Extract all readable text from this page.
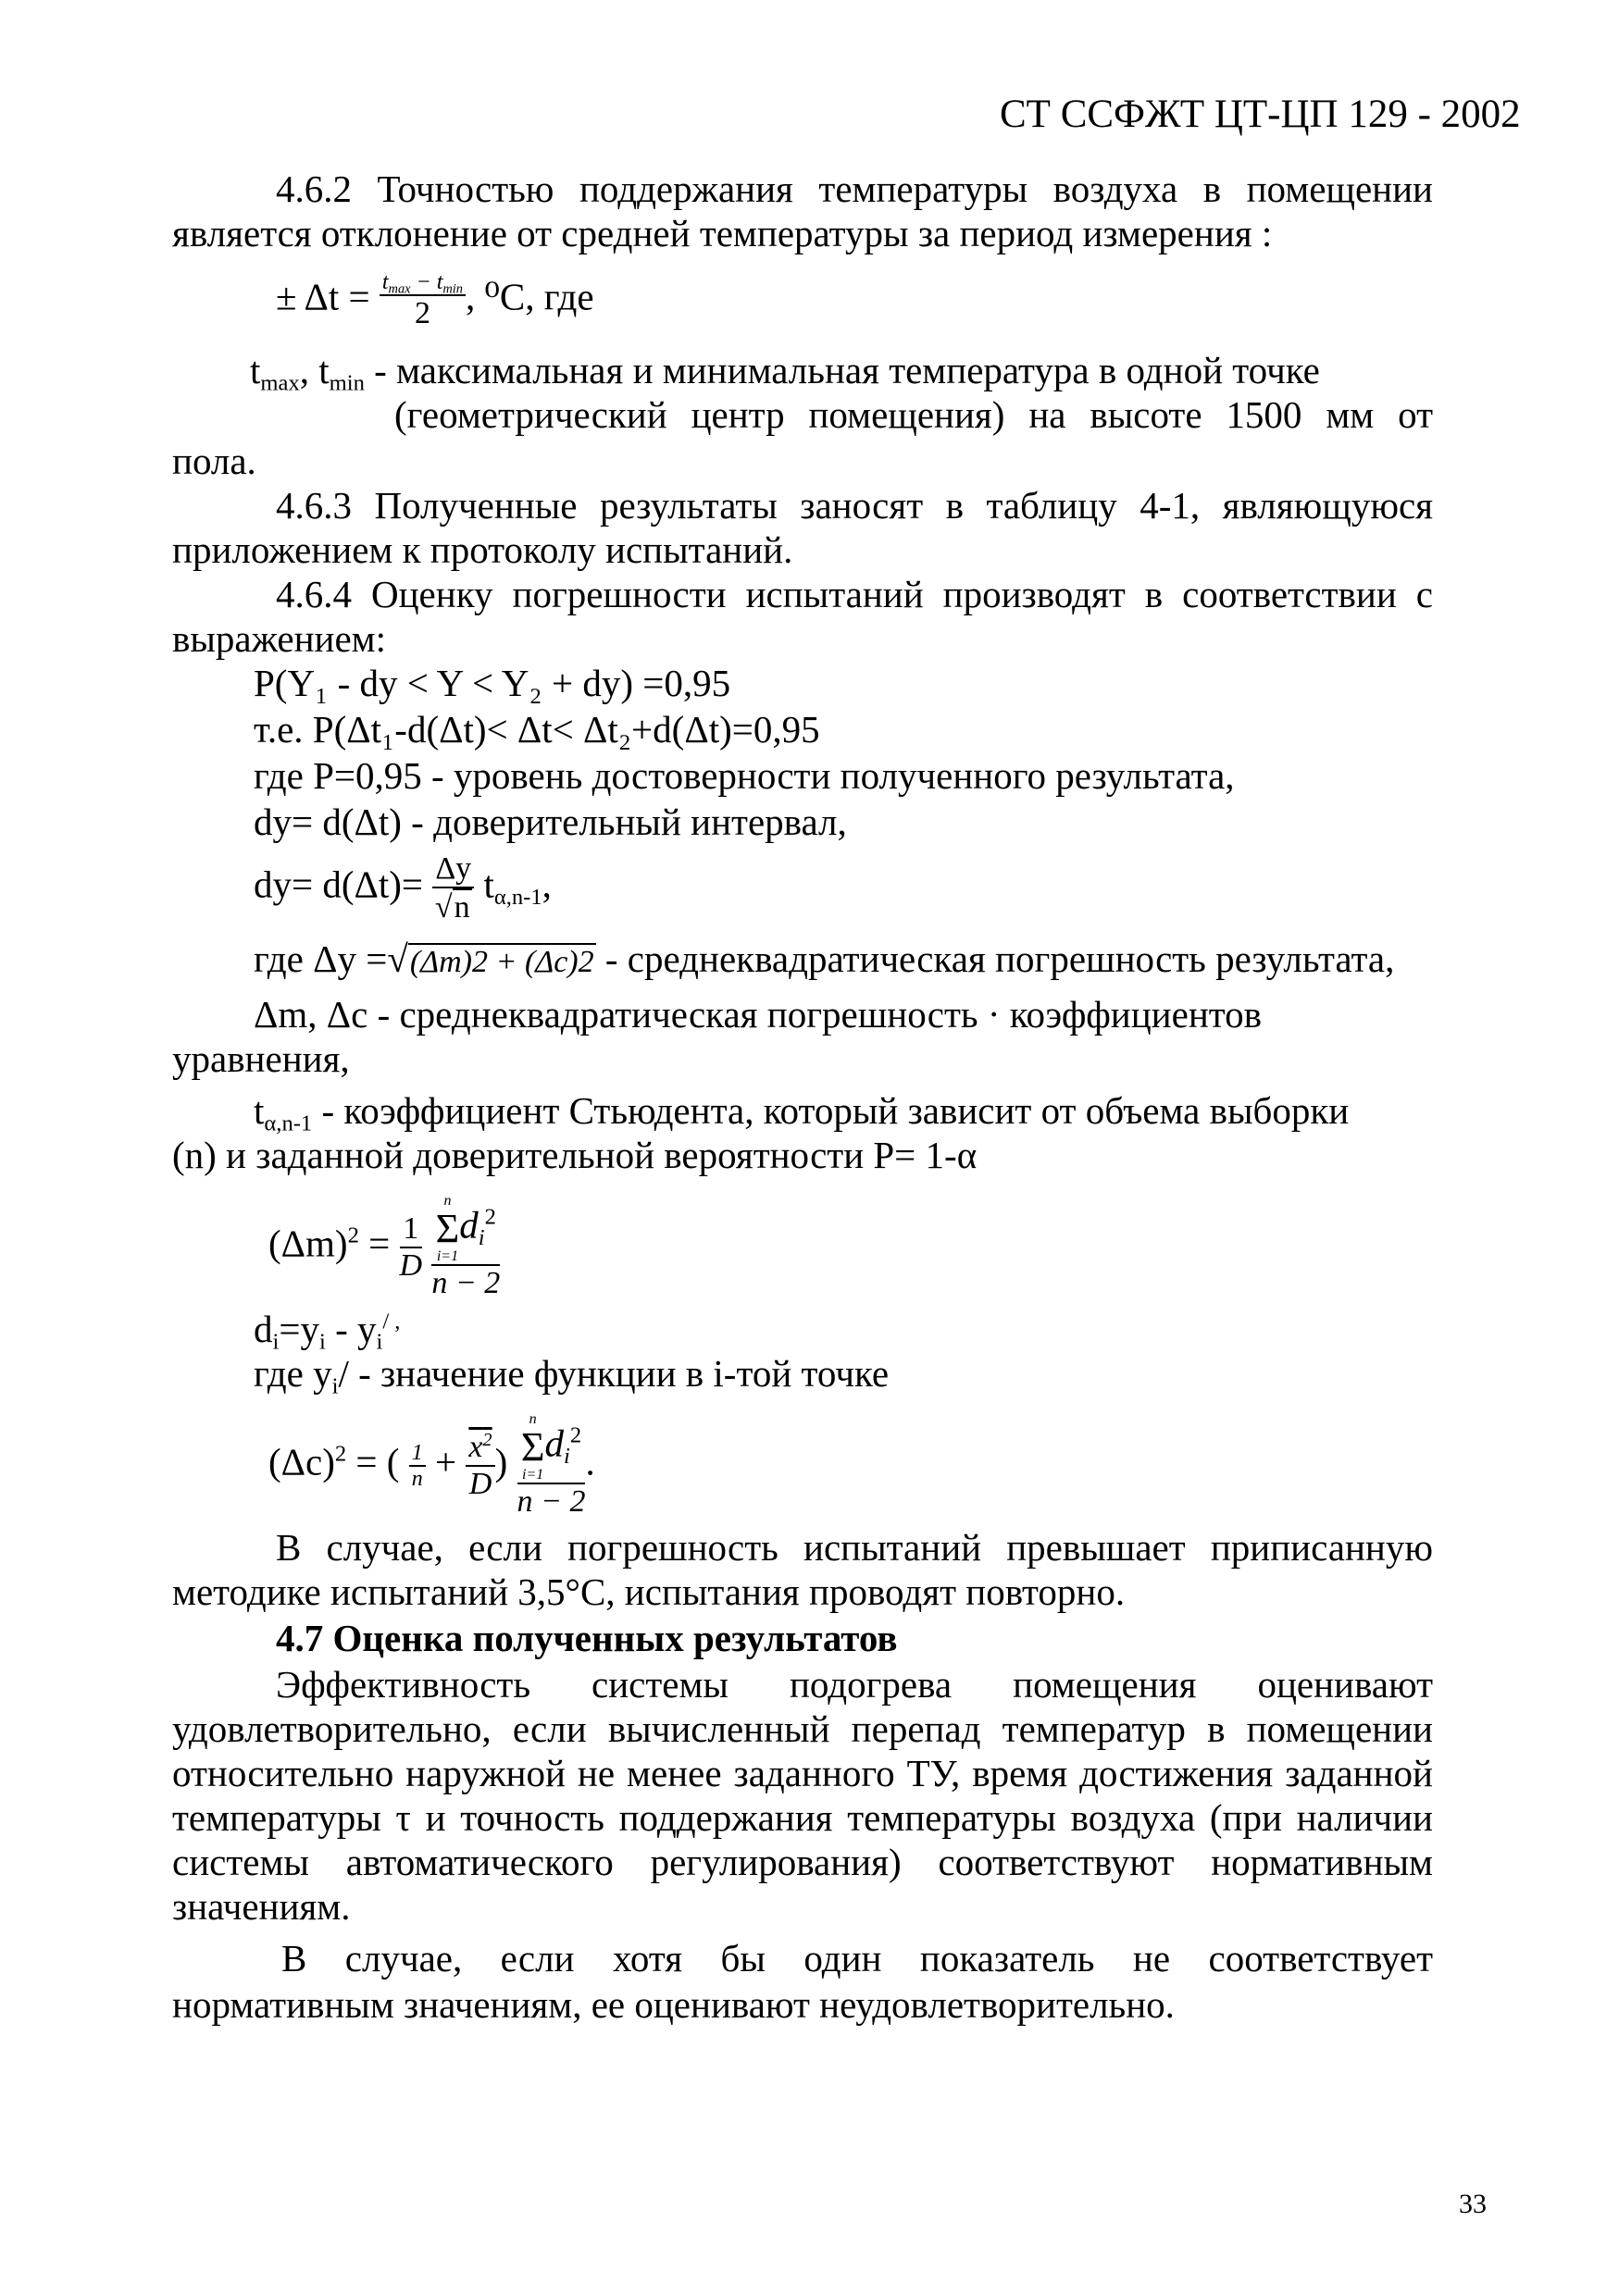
СТ ССФЖТ ЦТ-ЦП 129 - 2002
4.6.2 Точностью поддержания температуры воздуха в помещении
является отклонение от средней температуры за период измерения :
± $\Delta t = \frac{t_{max} - t_{min}}{2}$ , ⁰C, где
$t_{max}$, $t_{min}$ - максимальная и минимальная температура в одной точке
(геометрический центр помещения) на высоте 1500 мм от
пола.
4.6.3 Полученные результаты заносят в таблицу 4-1, являющуюся
приложением к протоколу испытаний.
4.6.4 Оценку погрешности испытаний производят в соответствии с
выражением:
P(Y₁ - dy < Y < Y₂ + dy) =0,95
т.е. P(Δt₁-d(Δt)< Δt< Δt₂+d(Δt)=0,95
где P=0,95 - уровень достоверности полученного результата,
dy= d(Δt) - доверительный интервал,
$dy= d(\Delta t)= \frac{\Delta y}{√n} t_{\alpha,n-1}$,
где Δy =√(Δm)2 + (Δc)2 - среднеквадратическая погрешность результата,
Δm, Δc - среднеквадратическая погрешность · коэффициентов
уравнения,
$t_{\alpha,n-1}$ - коэффициент Стьюдента, который зависит от объема выборки
(n) и заданной доверительной вероятности P= 1-α
$(\Delta m)^2 = \frac{1}{D}$
n
Σ
i=1
$d_i^2$
n − 2
$d_i=y_i - y_i^{/ ,}$
где $y_i/$ - значение функции в i-той точке
$(\Delta c)^2$ = ( $\frac{1}{n} + \frac{x^2}{D}$ ) n
Σ
i=1
$d_i^2$
n − 2 .
В случае, если погрешность испытаний превышает приписанную
методике испытаний 3,5°C, испытания проводят повторно.
4.7 Оценка полученных результатов
Эффективность системы подогрева помещения оценивают
удовлетворительно, если вычисленный перепад температур в помещении
относительно наружной не менее заданного ТУ, время достижения заданной
температуры τ и точность поддержания температуры воздуха (при наличии
системы автоматического регулирования) соответствуют нормативным
значениям.
В случае, если хотя бы один показатель не соответствует
нормативным значениям, ее оценивают неудовлетворительно.
33
